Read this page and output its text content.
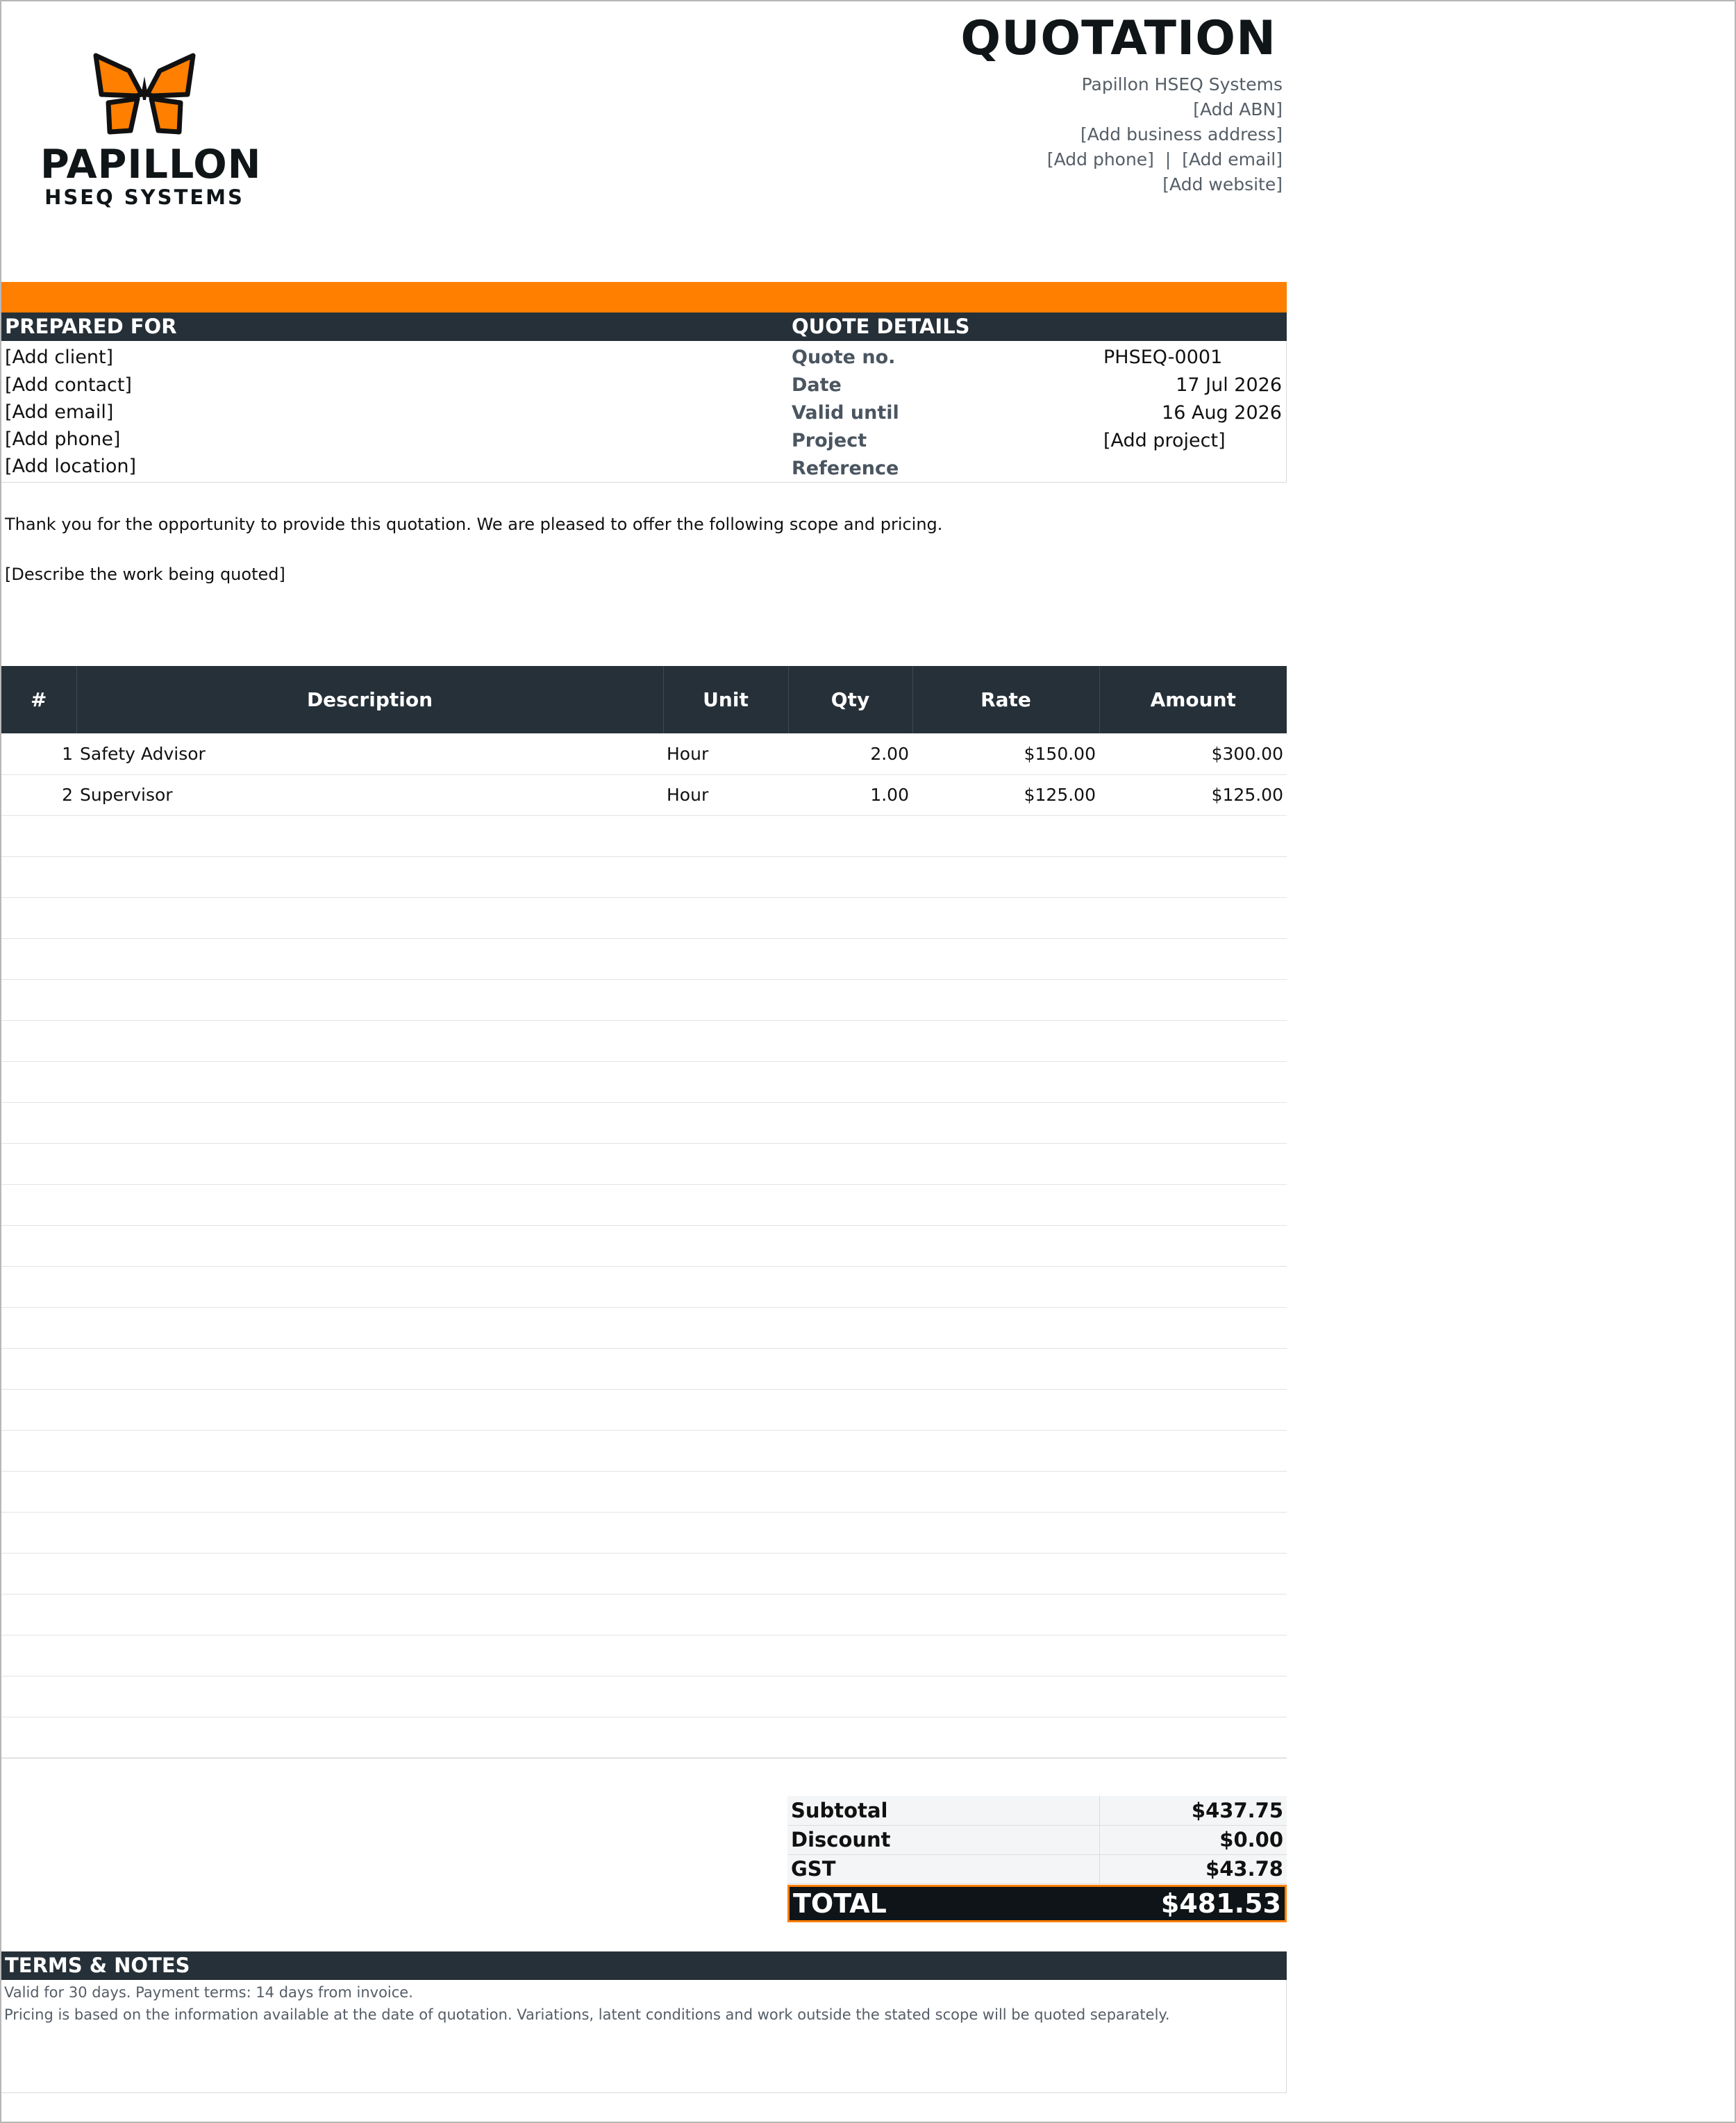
PAPILLON
HSEQ SYSTEMS
QUOTATION
Papillon HSEQ Systems
[Add ABN]
[Add business address]
[Add phone] | [Add email]
[Add website]
PREPARED FOR	QUOTE DETAILS
[Add client]
[Add contact]
[Add email]
[Add phone]
[Add location]
Quote no.	PHSEQ-0001
Date	17 Jul 2026
Valid until	16 Aug 2026
Project	[Add project]
Reference
Thank you for the opportunity to provide this quotation. We are pleased to offer the following scope and pricing.
[Describe the work being quoted]
#	Description	Unit	Qty	Rate	Amount
1	Safety Advisor	Hour	2.00	$150.00	$300.00
2	Supervisor	Hour	1.00	$125.00	$125.00

Subtotal	$437.75
Discount	$0.00
GST	$43.78
TOTAL	$481.53
TERMS & NOTES
Valid for 30 days. Payment terms: 14 days from invoice.
Pricing is based on the information available at the date of quotation. Variations, latent conditions and work outside the stated scope will be quoted separately.
